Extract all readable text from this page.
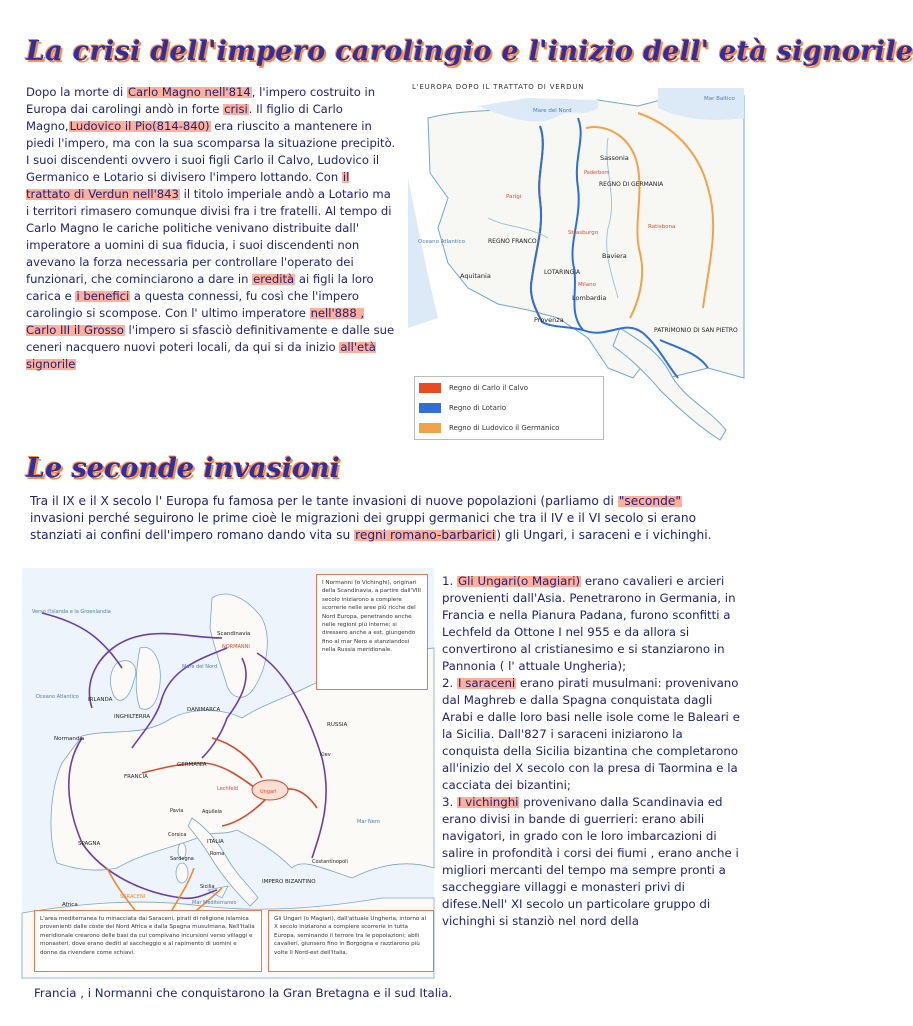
La crisi dell'impero carolingio e l'inizio dell' età signorile

Dopo la morte di Carlo Magno nell'814, l'impero costruito in Europa dai carolingi andò in forte crisi. Il figlio di Carlo Magno,Ludovico il Pio(814-840) era riuscito a mantenere in piedi l'impero, ma con la sua scomparsa la situazione precipitò. I suoi discendenti ovvero i suoi figli Carlo il Calvo, Ludovico il Germanico e Lotario si divisero l'impero lottando. Con il trattato di Verdun nell'843 il titolo imperiale andò a Lotario ma i territori rimasero comunque divisi fra i tre fratelli. Al tempo di Carlo Magno le cariche politiche venivano distribuite dall' imperatore a uomini di sua fiducia, i suoi discendenti non avevano la forza necessaria per controllare l'operato dei funzionari, che cominciarono a dare in eredità ai figli la loro carica e i benefici a questa connessi, fu così che l'impero carolingio si scompose. Con l' ultimo imperatore nell'888 , Carlo III il Grosso l'impero si sfasciò definitivamente e dalle sue ceneri nacquero nuovi poteri locali, da qui si da inizio all'età signorile

L'EUROPA DOPO IL TRATTATO DI VERDUN
Mare del Nord
Mar Baltico
Sassonia
REGNO DI GERMANIA
REGNO FRANCO
Oceano Atlantico
Aquitania	LOTARINGIA
Baviera
Lombardia
Provenza
PATRIMONIO DI SAN PIETRO
Parigi
Strasburgo
Ratisbona
Paderborn
Milano
Regno di Carlo il Calvo
Regno di Lotario
Regno di Ludovico il Germanico
Le seconde invasioni

Tra il IX e il X secolo l' Europa fu famosa per le tante invasioni di nuove popolazioni (parliamo di "seconde" invasioni perché seguirono le prime cioè le migrazioni dei gruppi germanici che tra il IV e il VI secolo si erano stanziati ai confini dell'impero romano dando vita su regni romano-barbarici) gli Ungari, i saraceni e i vichinghi.

Verso l'Islanda e la Groenlandia
Scandinavia
NORMANNI
Mare del Nord
IRLANDA
INGHILTERRA
DANIMARCA
Oceano Atlantico
Normandia
RUSSIA
Kiev
GERMANIA
FRANCIA
Lechfeld	Ungari
Pavia	Aquileia
SPAGNA
Corsica
ITALIA
Roma
Sardegna
Mar Nero
Costantinopoli
IMPERO BIZANTINO
Sicilia
Africa
SARACENI
Mar Mediterraneo
I Normanni (o Vichinghi), originari della Scandinavia, a partire dall'VIII secolo iniziarono a compiere scorrerie nelle aree più ricche del Nord Europa, penetrando anche nelle regioni più interne; si diressero anche a est, giungendo fino al mar Nero e stanziandosi nella Russia meridionale.
L'area mediterranea fu minacciata dai Saraceni, pirati di religione islamica provenienti dalle coste del Nord Africa e dalla Spagna musulmana. Nell'Italia meridionale crearono delle basi da cui compivano incursioni verso villaggi e monasteri, dove erano dediti al saccheggio e al rapimento di uomini e donne da rivendere come schiavi.
Gli Ungari (o Magiari), dall'attuale Ungheria, intorno al X secolo iniziarono a compiere scorrerie in tutta Europa, seminando il terrore tra le popolazioni; abili cavalieri, giunsero fino in Borgogna e razziarono più volte il Nord-est dell'Italia.

1. Gli Ungari(o Magiari) erano cavalieri e arcieri provenienti dall'Asia. Penetrarono in Germania, in Francia e nella Pianura Padana, furono sconfitti a Lechfeld da Ottone I nel 955 e da allora si convertirono al cristianesimo e si stanziarono in Pannonia ( l' attuale Ungheria);
2. I saraceni erano pirati musulmani: provenivano dal Maghreb e dalla Spagna conquistata dagli Arabi e dalle loro basi nelle isole come le Baleari e la Sicilia. Dall'827 i saraceni iniziarono la conquista della Sicilia bizantina che completarono all'inizio del X secolo con la presa di Taormina e la cacciata dei bizantini;
3. I vichinghi provenivano dalla Scandinavia ed erano divisi in bande di guerrieri: erano abili navigatori, in grado con le loro imbarcazioni di salire in profondità i corsi dei fiumi , erano anche i migliori mercanti del tempo ma sempre pronti a saccheggiare villaggi e monasteri privi di difese.Nell' XI secolo un particolare gruppo di vichinghi si stanziò nel nord della

Francia , i Normanni che conquistarono la Gran Bretagna e il sud Italia.
